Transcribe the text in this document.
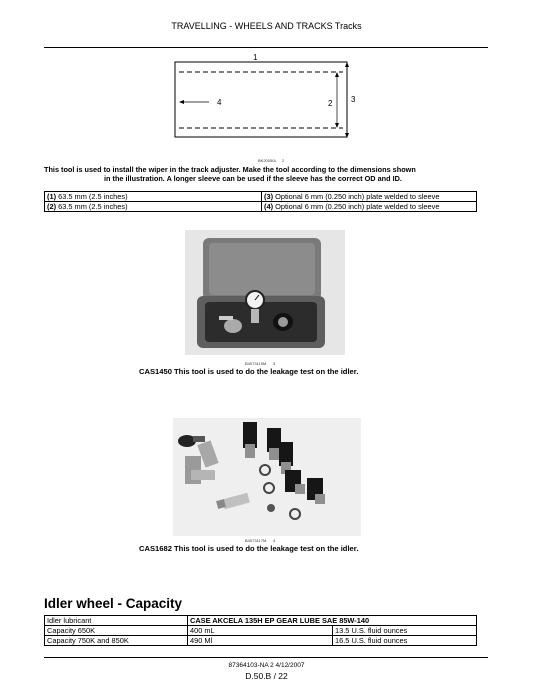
TRAVELLING - WHEELS AND TRACKS Tracks
1
2 3
4
BK20050L 2
This tool is used to install the wiper in the track adjuster. Make the tool according to the dimensions shown
in the illustration. A longer sleeve can be used if the sleeve has the correct OD and ID.
(1) 63.5 mm (2.5 inches)	(3) Optional 6 mm (0.250 inch) plate welded to sleeve
(2) 63.5 mm (2.5 inches)	(4) Optional 6 mm (0.250 inch) plate welded to sleeve
B4073119M 3
CAS1450 This tool is used to do the leakage test on the idler.
B4073117M 4
CAS1682 This tool is used to do the leakage test on the idler.
Idler wheel - Capacity
Idler lubricant	CASE AKCELA 135H EP GEAR LUBE SAE 85W-140	
Capacity 650K	400 mL	13.5 U.S. fluid ounces
Capacity 750K and 850K	490 Ml	16.5 U.S. fluid ounces
87364103-NA 2 4/12/2007
D.50.B / 22
